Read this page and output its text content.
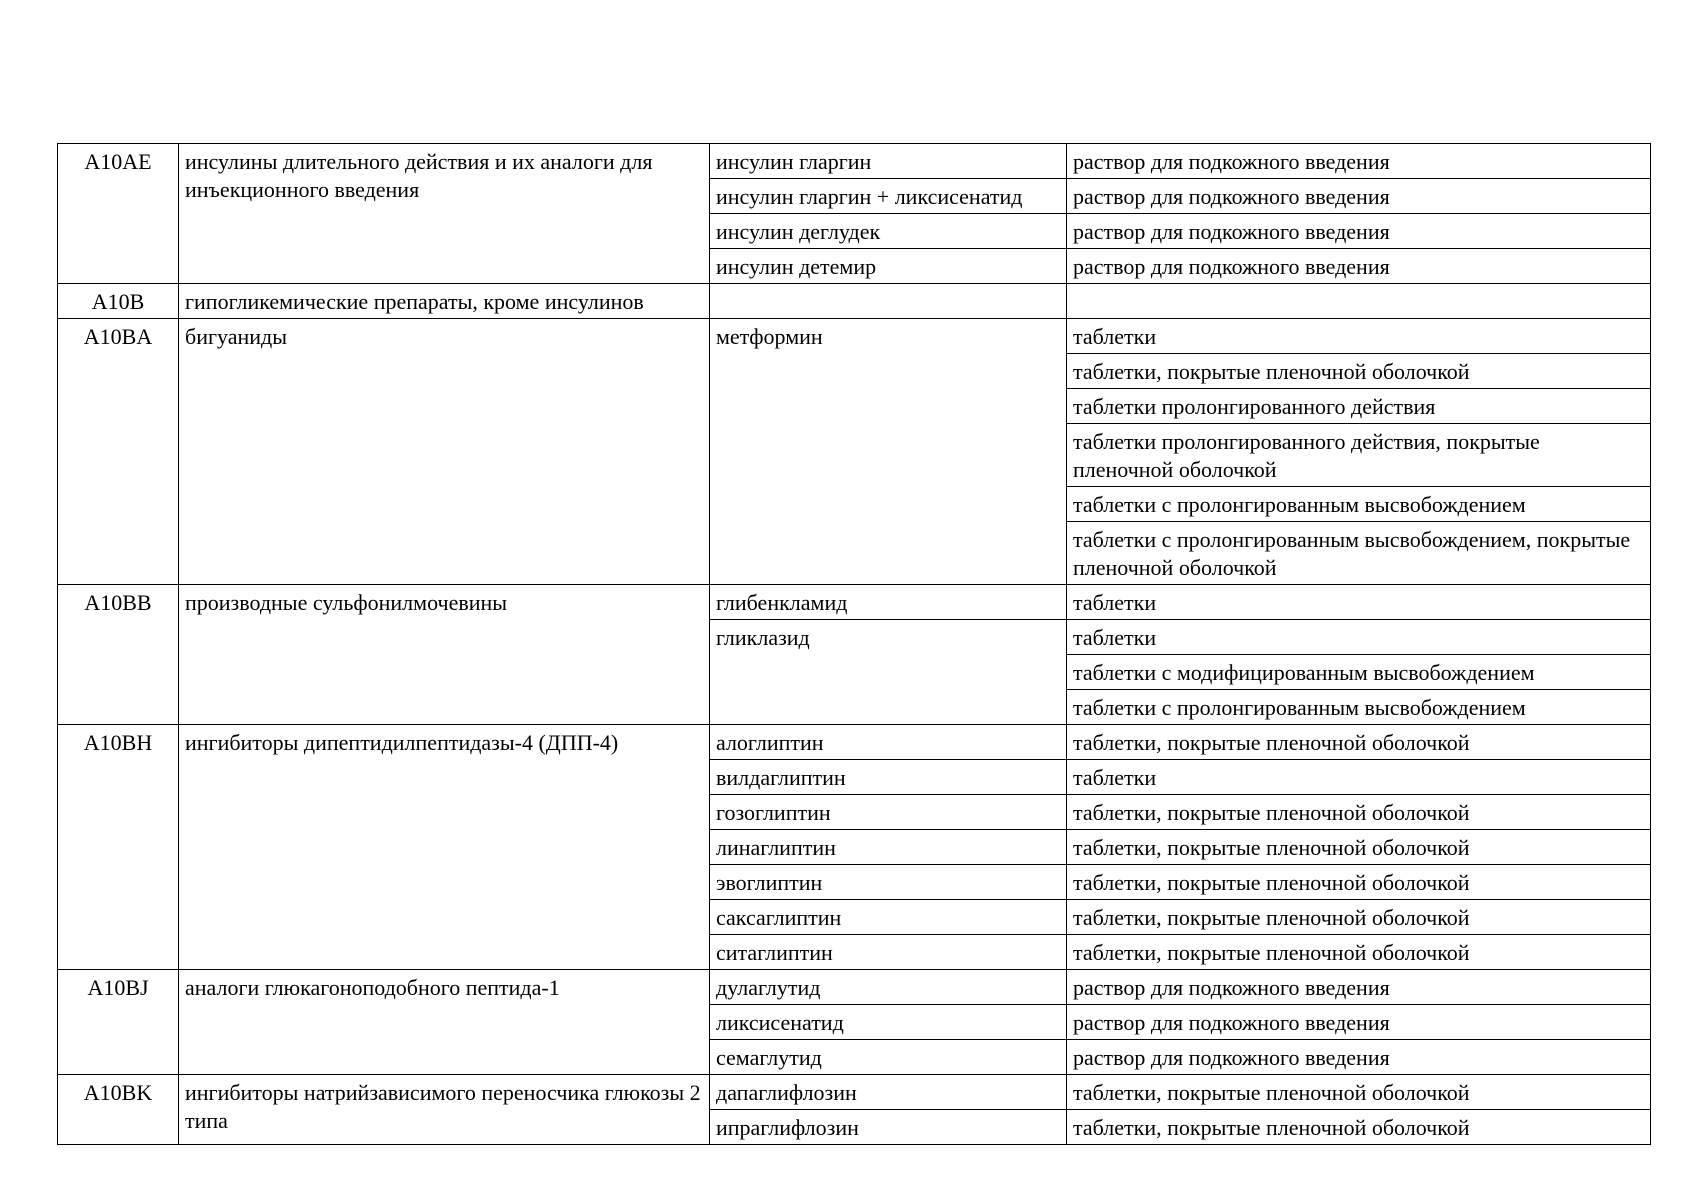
A10AE	инсулины длительного действия и их аналоги для инъекционного введения	инсулин гларгин	раствор для подкожного введения
		инсулин гларгин + ликсисенатид	раствор для подкожного введения
		инсулин деглудек	раствор для подкожного введения
		инсулин детемир	раствор для подкожного введения
A10B	гипогликемические препараты, кроме инсулинов		
A10BA	бигуаниды	метформин	таблетки
			таблетки, покрытые пленочной оболочкой
			таблетки пролонгированного действия
			таблетки пролонгированного действия, покрытые пленочной оболочкой
			таблетки с пролонгированным высвобождением
			таблетки с пролонгированным высвобождением, покрытые пленочной оболочкой
A10BB	производные сульфонилмочевины	глибенкламид	таблетки
		гликлазид	таблетки
			таблетки с модифицированным высвобождением
			таблетки с пролонгированным высвобождением
A10BH	ингибиторы дипептидилпептидазы-4 (ДПП-4)	алоглиптин	таблетки, покрытые пленочной оболочкой
		вилдаглиптин	таблетки
		гозоглиптин	таблетки, покрытые пленочной оболочкой
		линаглиптин	таблетки, покрытые пленочной оболочкой
		эвоглиптин	таблетки, покрытые пленочной оболочкой
		саксаглиптин	таблетки, покрытые пленочной оболочкой
		ситаглиптин	таблетки, покрытые пленочной оболочкой
A10BJ	аналоги глюкагоноподобного пептида-1	дулаглутид	раствор для подкожного введения
		ликсисенатид	раствор для подкожного введения
		семаглутид	раствор для подкожного введения
A10BK	ингибиторы натрийзависимого переносчика глюкозы 2 типа	дапаглифлозин	таблетки, покрытые пленочной оболочкой
		ипраглифлозин	таблетки, покрытые пленочной оболочкой
